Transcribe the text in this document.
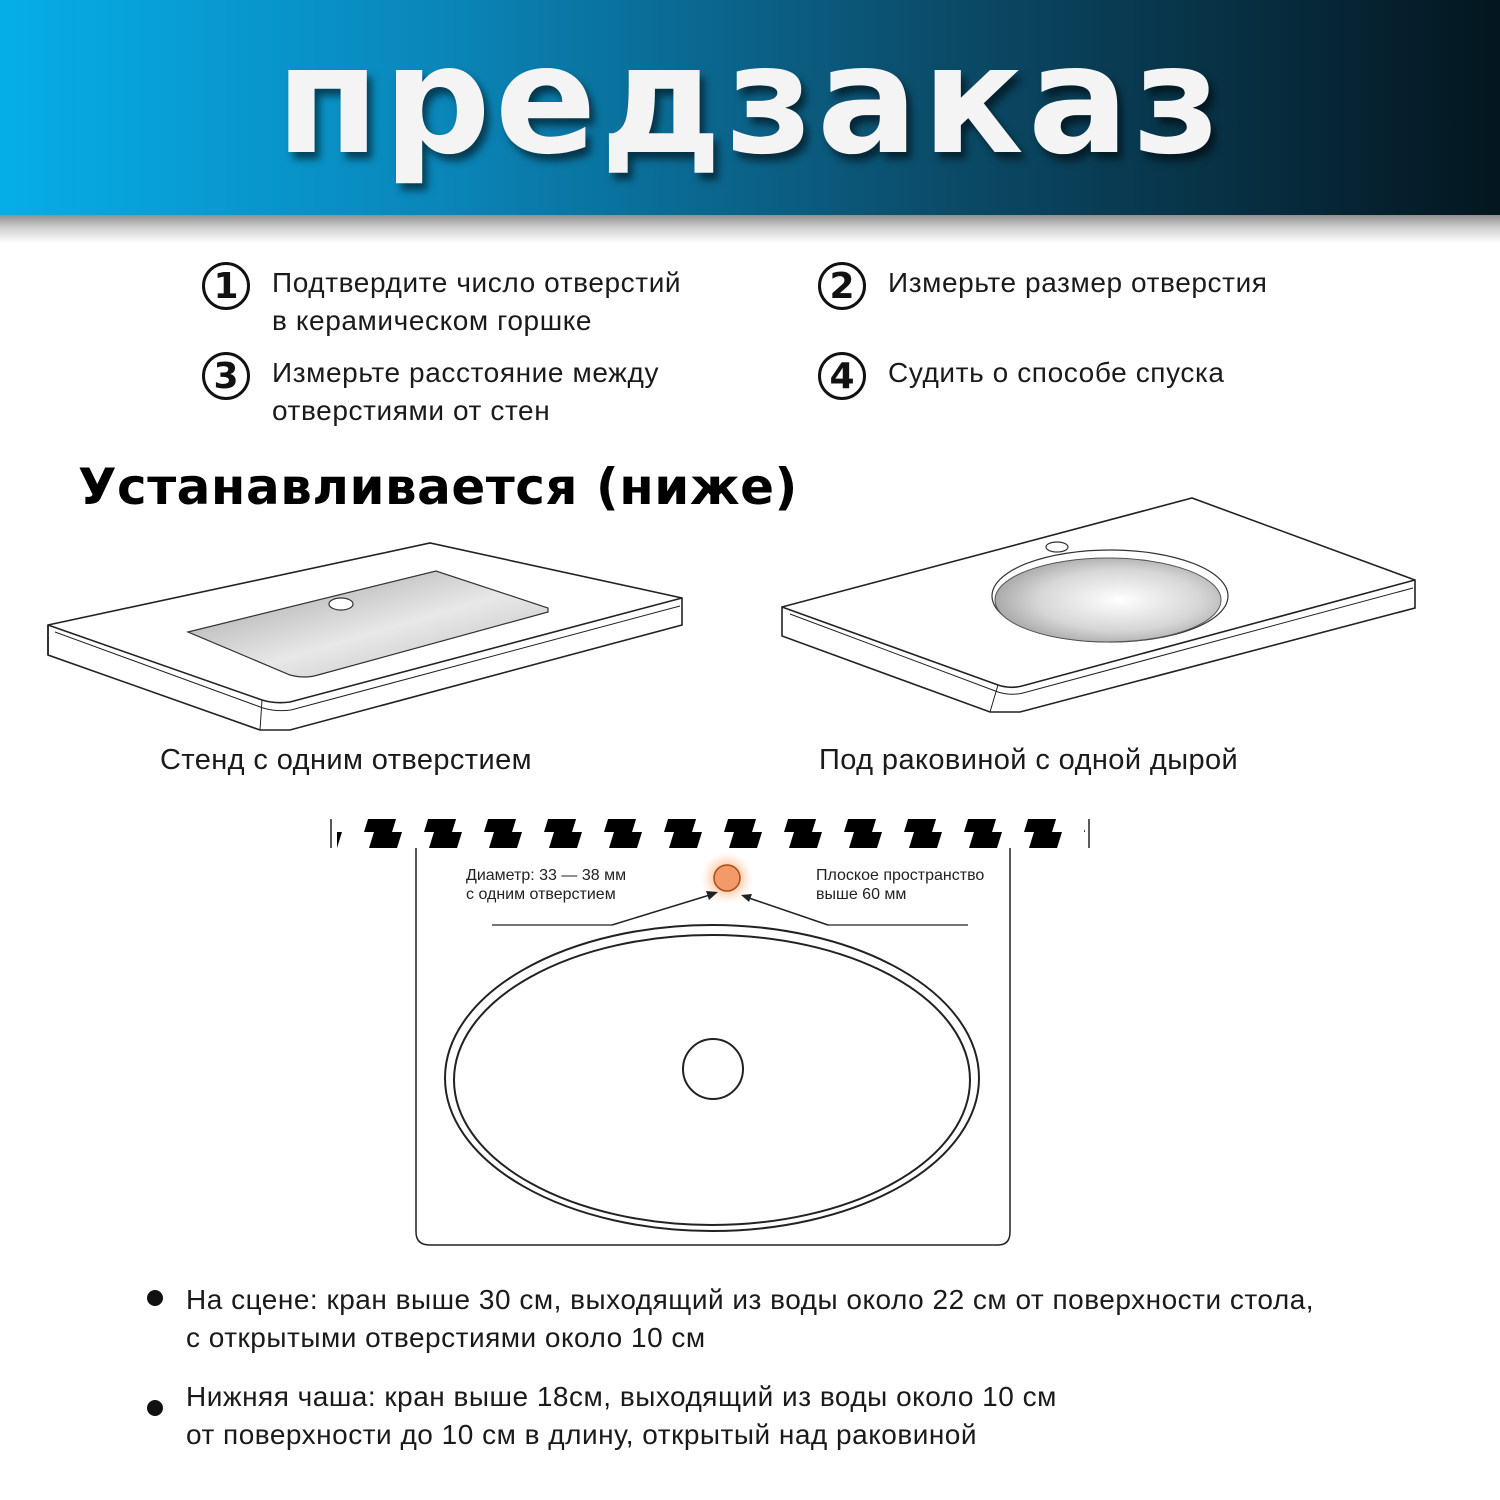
предзаказ
1	Подтвердите число отверстий
в керамическом горшке
2	Измерьте размер отверстия
3	Измерьте расстояние между
отверстиями от стен
4	Судить о способе спуска
Устанавливается (ниже)
Диаметр: 33 — 38 мм
с одним отверстием
Плоское пространство
выше 60 мм
Стенд с одним отверстием	Под раковиной с одной дырой
На сцене: кран выше 30 см, выходящий из воды около 22 см от поверхности стола,
с открытыми отверстиями около 10 см
Нижняя чаша: кран выше 18см, выходящий из воды около 10 см
от поверхности до 10 см в длину, открытый над раковиной
